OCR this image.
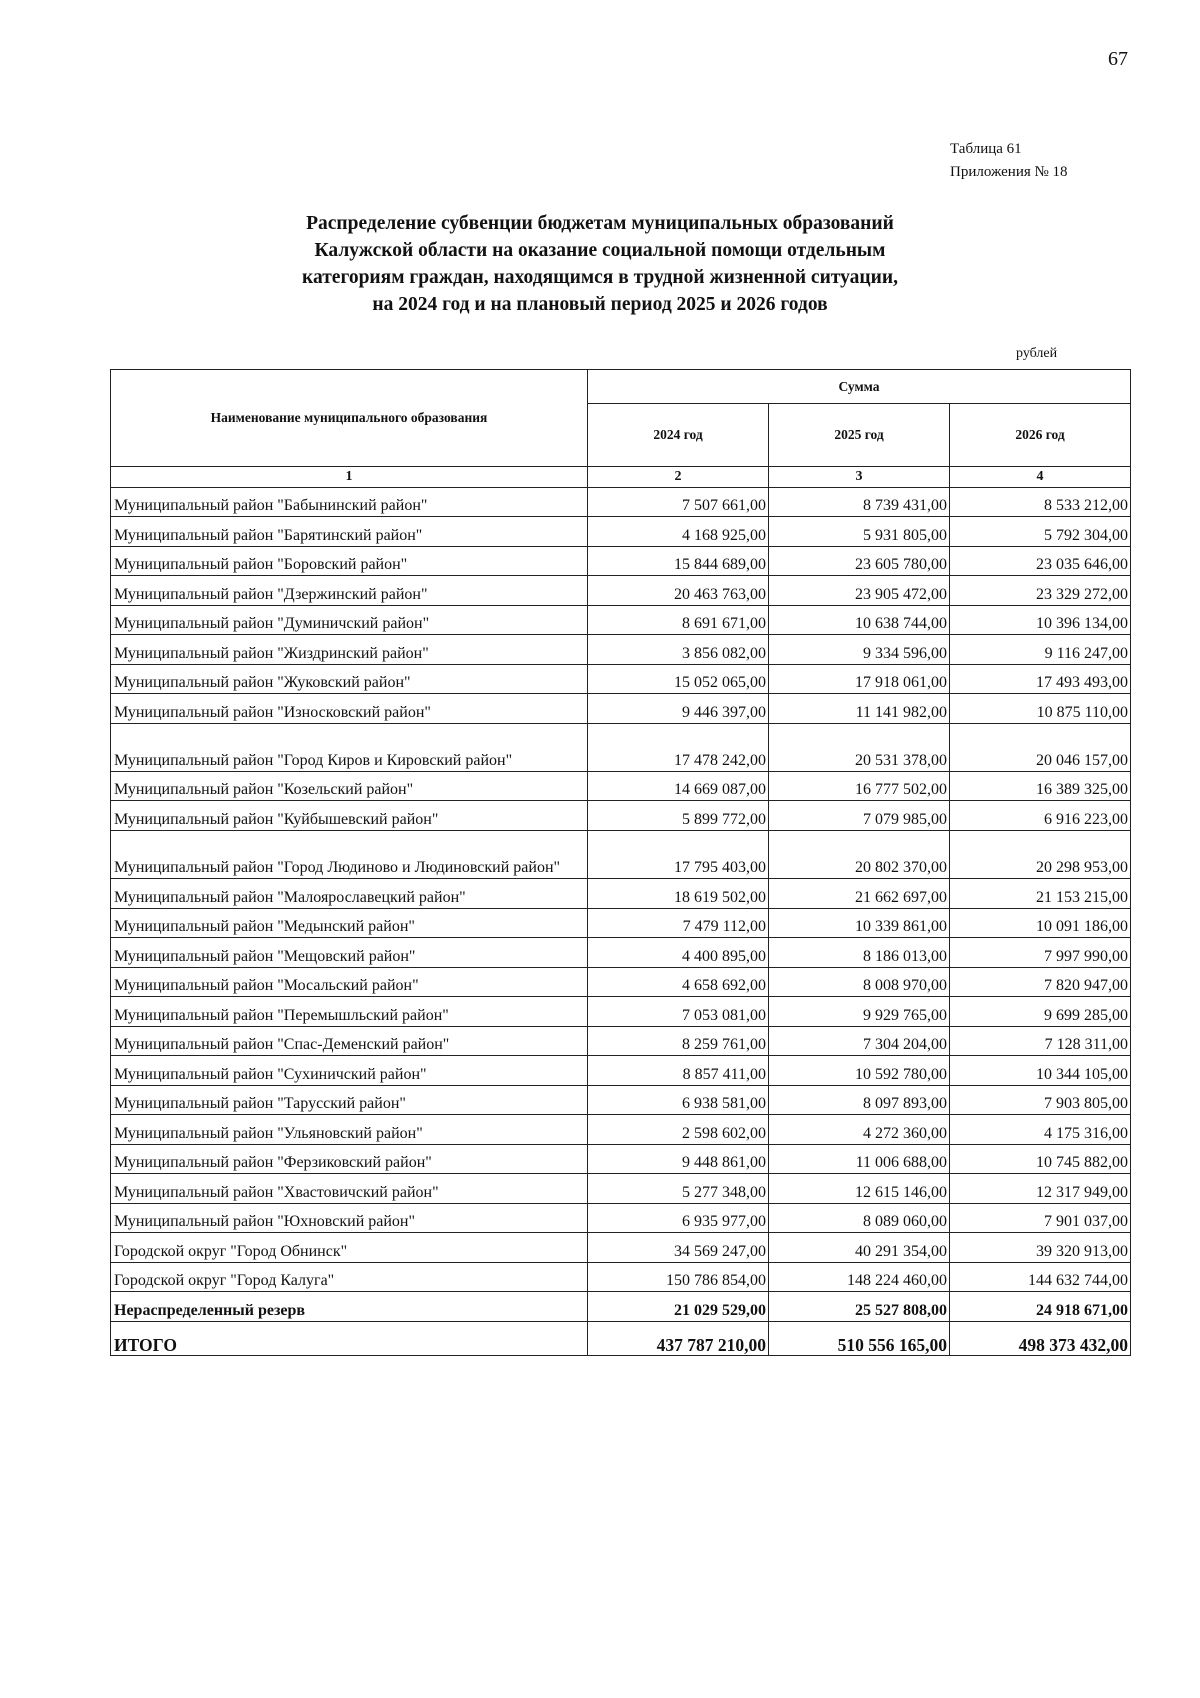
67
Таблица 61
Приложения № 18
Распределение субвенции бюджетам муниципальных образований
Калужской области на оказание социальной помощи отдельным
категориям граждан, находящимся в трудной жизненной ситуации,
на 2024 год и на плановый период 2025 и 2026 годов
рублей
Наименование муниципального образования	Сумма		
	2024 год	2025 год	2026 год
1	2	3	4
Муниципальный район "Бабынинский район"	7 507 661,00	8 739 431,00	8 533 212,00
Муниципальный район "Барятинский район"	4 168 925,00	5 931 805,00	5 792 304,00
Муниципальный район "Боровский район"	15 844 689,00	23 605 780,00	23 035 646,00
Муниципальный район "Дзержинский район"	20 463 763,00	23 905 472,00	23 329 272,00
Муниципальный район "Думиничский район"	8 691 671,00	10 638 744,00	10 396 134,00
Муниципальный район "Жиздринский район"	3 856 082,00	9 334 596,00	9 116 247,00
Муниципальный район "Жуковский район"	15 052 065,00	17 918 061,00	17 493 493,00
Муниципальный район "Износковский район"	9 446 397,00	11 141 982,00	10 875 110,00
Муниципальный район "Город Киров и Кировский район"	17 478 242,00	20 531 378,00	20 046 157,00
Муниципальный район "Козельский район"	14 669 087,00	16 777 502,00	16 389 325,00
Муниципальный район "Куйбышевский район"	5 899 772,00	7 079 985,00	6 916 223,00
Муниципальный район "Город Людиново и Людиновский район"	17 795 403,00	20 802 370,00	20 298 953,00
Муниципальный район "Малоярославецкий район"	18 619 502,00	21 662 697,00	21 153 215,00
Муниципальный район "Медынский район"	7 479 112,00	10 339 861,00	10 091 186,00
Муниципальный район "Мещовский район"	4 400 895,00	8 186 013,00	7 997 990,00
Муниципальный район "Мосальский район"	4 658 692,00	8 008 970,00	7 820 947,00
Муниципальный район "Перемышльский район"	7 053 081,00	9 929 765,00	9 699 285,00
Муниципальный район "Спас-Деменский район"	8 259 761,00	7 304 204,00	7 128 311,00
Муниципальный район "Сухиничский район"	8 857 411,00	10 592 780,00	10 344 105,00
Муниципальный район "Тарусский район"	6 938 581,00	8 097 893,00	7 903 805,00
Муниципальный район "Ульяновский район"	2 598 602,00	4 272 360,00	4 175 316,00
Муниципальный район "Ферзиковский район"	9 448 861,00	11 006 688,00	10 745 882,00
Муниципальный район "Хвастовичский район"	5 277 348,00	12 615 146,00	12 317 949,00
Муниципальный район "Юхновский район"	6 935 977,00	8 089 060,00	7 901 037,00
Городской округ "Город Обнинск"	34 569 247,00	40 291 354,00	39 320 913,00
Городской округ "Город Калуга"	150 786 854,00	148 224 460,00	144 632 744,00
Нераспределенный резерв	21 029 529,00	25 527 808,00	24 918 671,00
ИТОГО	437 787 210,00	510 556 165,00	498 373 432,00
